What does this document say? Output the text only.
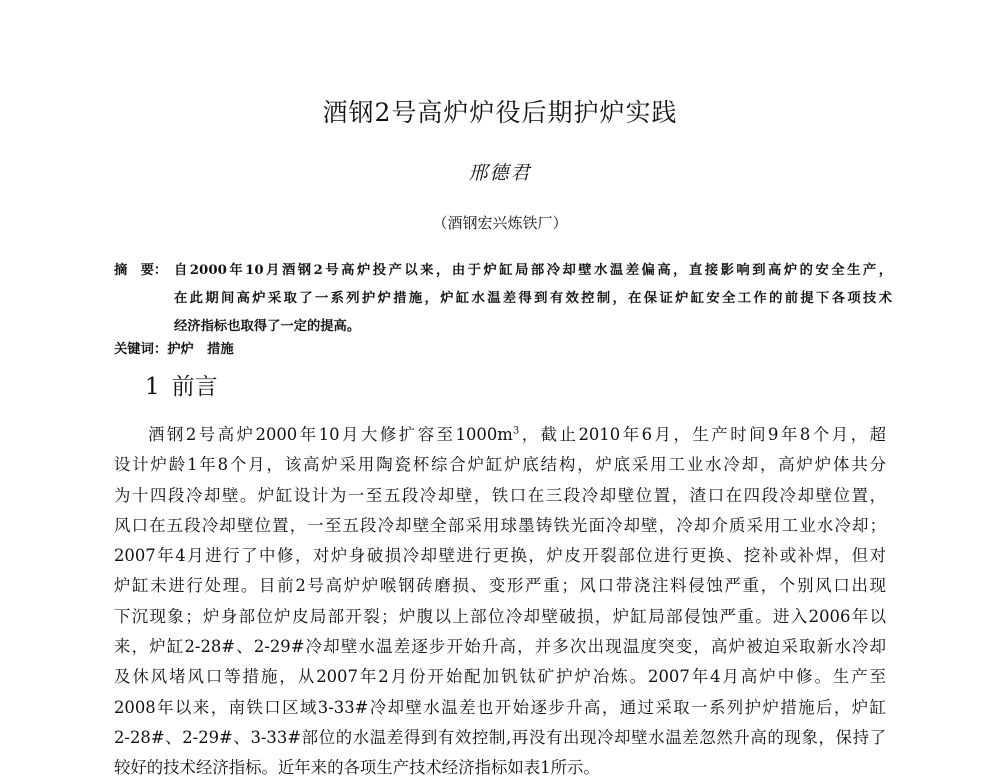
酒钢2号高炉炉役后期护炉实践
邢德君
（酒钢宏兴炼铁厂）
摘　要： 自2000年10月酒钢2号高炉投产以来，由于炉缸局部冷却壁水温差偏高，直接影响到高炉的安全生产，
在此期间高炉采取了一系列护炉措施，炉缸水温差得到有效控制，在保证炉缸安全工作的前提下各项技术
经济指标也取得了一定的提高。
关键词：护炉　措施
1 前言
酒钢2号高炉2000年10月大修扩容至$1000m^3$，截止2010年6月，生产时间9年8个月，超
设计炉龄1年8个月，该高炉采用陶瓷杯综合炉缸炉底结构，炉底采用工业水冷却，高炉炉体共分
为十四段冷却壁。炉缸设计为一至五段冷却壁，铁口在三段冷却壁位置，渣口在四段冷却壁位置，
风口在五段冷却壁位置，一至五段冷却壁全部采用球墨铸铁光面冷却壁，冷却介质采用工业水冷却；
2007年4月进行了中修，对炉身破损冷却壁进行更换，炉皮开裂部位进行更换、挖补或补焊，但对
炉缸未进行处理。目前2号高炉炉喉钢砖磨损、变形严重；风口带浇注料侵蚀严重，个别风口出现
下沉现象；炉身部位炉皮局部开裂；炉腹以上部位冷却壁破损，炉缸局部侵蚀严重。进入2006年以
来，炉缸2-28#、2-29#冷却壁水温差逐步开始升高，并多次出现温度突变，高炉被迫采取新水冷却
及休风堵风口等措施，从2007年2月份开始配加钒钛矿护炉冶炼。2007年4月高炉中修。生产至
2008年以来，南铁口区域3-33#冷却壁水温差也开始逐步升高，通过采取一系列护炉措施后，炉缸
2-28#、2-29#、3-33#部位的水温差得到有效控制,再没有出现冷却壁水温差忽然升高的现象，保持了
较好的技术经济指标。近年来的各项生产技术经济指标如表1所示。
